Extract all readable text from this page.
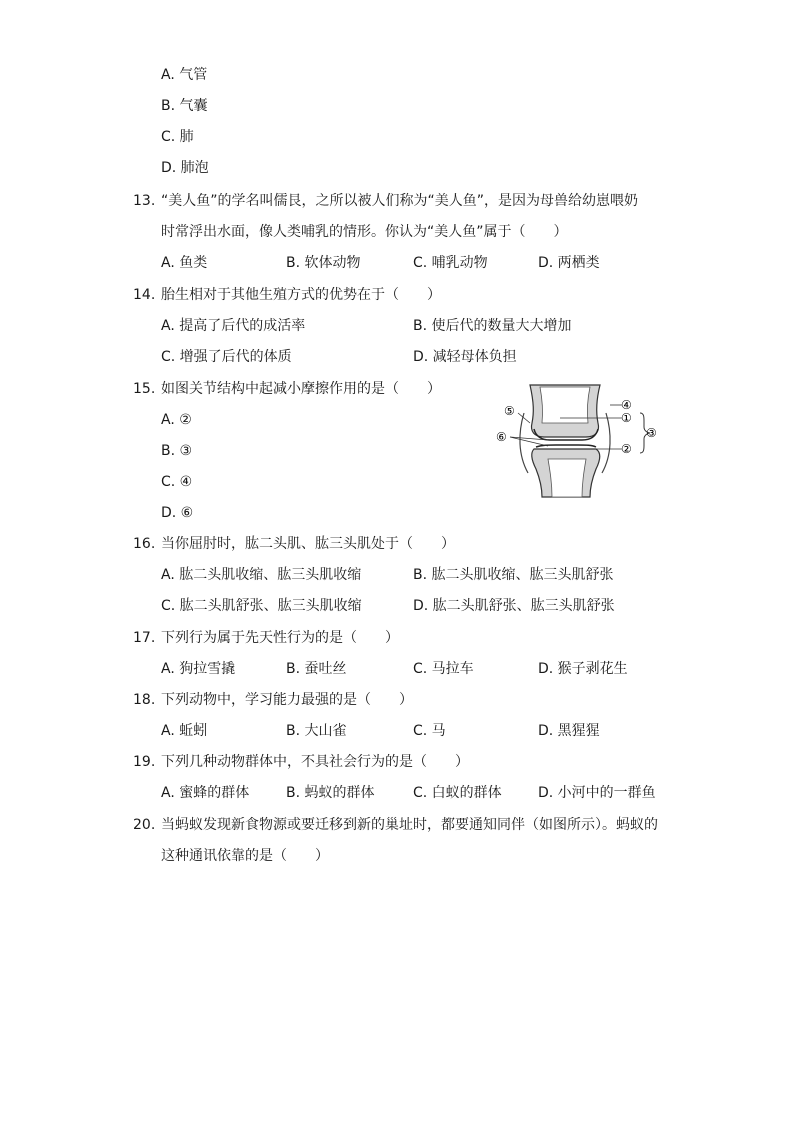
A. 气管
B. 气囊
C. 肺
D. 肺泡
13. “美人鱼”的学名叫儒艮，之所以被人们称为“美人鱼”，是因为母兽给幼崽喂奶
时常浮出水面，像人类哺乳的情形。你认为“美人鱼”属于（　　）
A. 鱼类	B. 软体动物	C. 哺乳动物	D. 两栖类
14. 胎生相对于其他生殖方式的优势在于（　　）
A. 提高了后代的成活率	B. 使后代的数量大大增加
C. 增强了后代的体质	D. 减轻母体负担
15. 如图关节结构中起减小摩擦作用的是（　　）
A. ②
B. ③
C. ④
D. ⑥
④
①
③
②
⑤
⑥
16. 当你屈肘时，肱二头肌、肱三头肌处于（　　）
A. 肱二头肌收缩、肱三头肌收缩	B. 肱二头肌收缩、肱三头肌舒张
C. 肱二头肌舒张、肱三头肌收缩	D. 肱二头肌舒张、肱三头肌舒张
17. 下列行为属于先天性行为的是（　　）
A. 狗拉雪撬	B. 蚕吐丝	C. 马拉车	D. 猴子剥花生
18. 下列动物中，学习能力最强的是（　　）
A. 蚯蚓	B. 大山雀	C. 马	D. 黑猩猩
19. 下列几种动物群体中，不具社会行为的是（　　）
A. 蜜蜂的群体	B. 蚂蚁的群体	C. 白蚁的群体	D. 小河中的一群鱼
20. 当蚂蚁发现新食物源或要迁移到新的巢址时，都要通知同伴（如图所示）。蚂蚁的
这种通讯依靠的是（　　）
